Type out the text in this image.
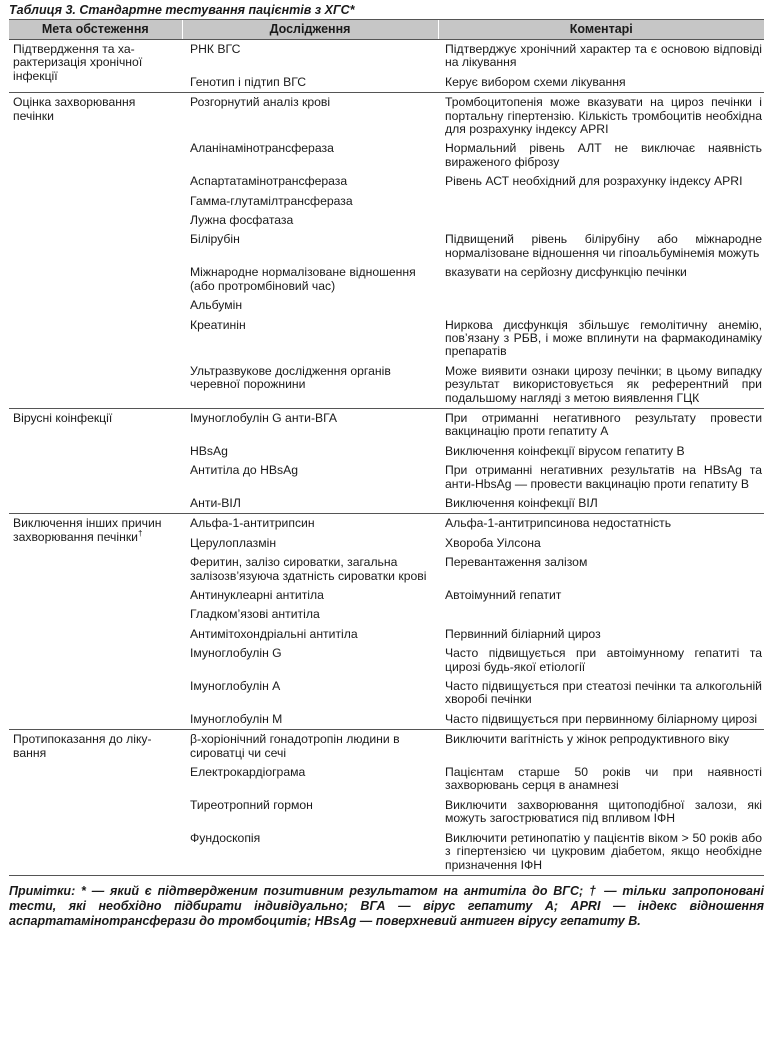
Таблиця 3. Стандартне тестування пацієнтів з ХГС*
Мета обстеження	Дослідження	Коментарі
Підтвердження та характеризація хронічної інфекції	РНК ВГС	Підтверджує хронічний характер та є основою відповіді на лікування
	Генотип і підтип ВГС	Керує вибором схеми лікування
Оцінка захворювання печінки	Розгорнутий аналіз крові	Тромбоцитопенія може вказувати на цироз печінки і портальну гіпертензію. Кількість тромбоцитів необхідна для розрахунку індексу APRI
	Аланінамінотрансфераза	Нормальний рівень АЛТ не виключає наявність вираженого фіброзу
	Аспартатамінотрансфераза	Рівень АСТ необхідний для розрахунку індексу APRI
	Гамма-глутамілтрансфераза	
	Лужна фосфатаза	
	Білірубін	Підвищений рівень білірубіну або міжнародне нормалізоване відношення чи гіпоальбумінемія можуть
	Міжнародне нормалізоване відношення (або протромбіновий час)	вказувати на серйозну дисфункцію печінки
	Альбумін	
	Креатинін	Ниркова дисфункція збільшує гемолітичну анемію, пов’язану з РБВ, і може вплинути на фармакодинаміку препаратів
	Ультразвукове дослідження органів черевної порожнини	Може виявити ознаки цирозу печінки; в цьому випадку результат використовується як референтний при подальшому нагляді з метою виявлення ГЦК
Вірусні коінфекції	Імуноглобулін G анти-ВГА	При отриманні негативного результату провести вакцинацію проти гепатиту А
	HBsAg	Виключення коінфекції вірусом гепатиту В
	Антитіла до HBsAg	При отриманні негативних результатів на HBsAg та анти-HbsAg — провести вакцинацію проти гепатиту В
	Анти-ВІЛ	Виключення коінфекції ВІЛ
Виключення інших причин захворювання печінки†	Альфа-1-антитрипсин	Альфа-1-антитрипсинова недостатність
	Церулоплазмін	Хвороба Уілсона
	Феритин, залізо сироватки, загальна залізозв’язуюча здатність сироватки крові	Перевантаження залізом
	Антинуклеарні антитіла	Автоімунний гепатит
	Гладком’язові антитіла	
	Антимітохондріальні антитіла	Первинний біліарний цироз
	Імуноглобулін G	Часто підвищується при автоімунному гепатиті та цирозі будь-якої етіології
	Імуноглобулін А	Часто підвищується при стеатозі печінки та алкогольній хворобі печінки
	Імуноглобулін М	Часто підвищується при первинному біліарному цирозі
Протипоказання до лікування	β-хоріонічний гонадотропін людини в сироватці чи сечі	Виключити вагітність у жінок репродуктивного віку
	Електрокардіограма	Пацієнтам старше 50 років чи при наявності захворювань серця в анамнезі
	Тиреотропний гормон	Виключити захворювання щитоподібної залози, які можуть загострюватися під впливом ІФН
	Фундоскопія	Виключити ретинопатію у пацієнтів віком > 50 років або з гіпертензією чи цукровим діабетом, якщо необхідне призначення ІФН
Примітки: * — який є підтвердженим позитивним результатом на антитіла до ВГС; † — тільки запропоновані тести, які необхідно підбирати індивідуально; ВГА — вірус гепатиту А; APRI — індекс відношення аспартатамінотрансферази до тромбоцитів; HBsAg — поверхневий антиген вірусу гепатиту В.
